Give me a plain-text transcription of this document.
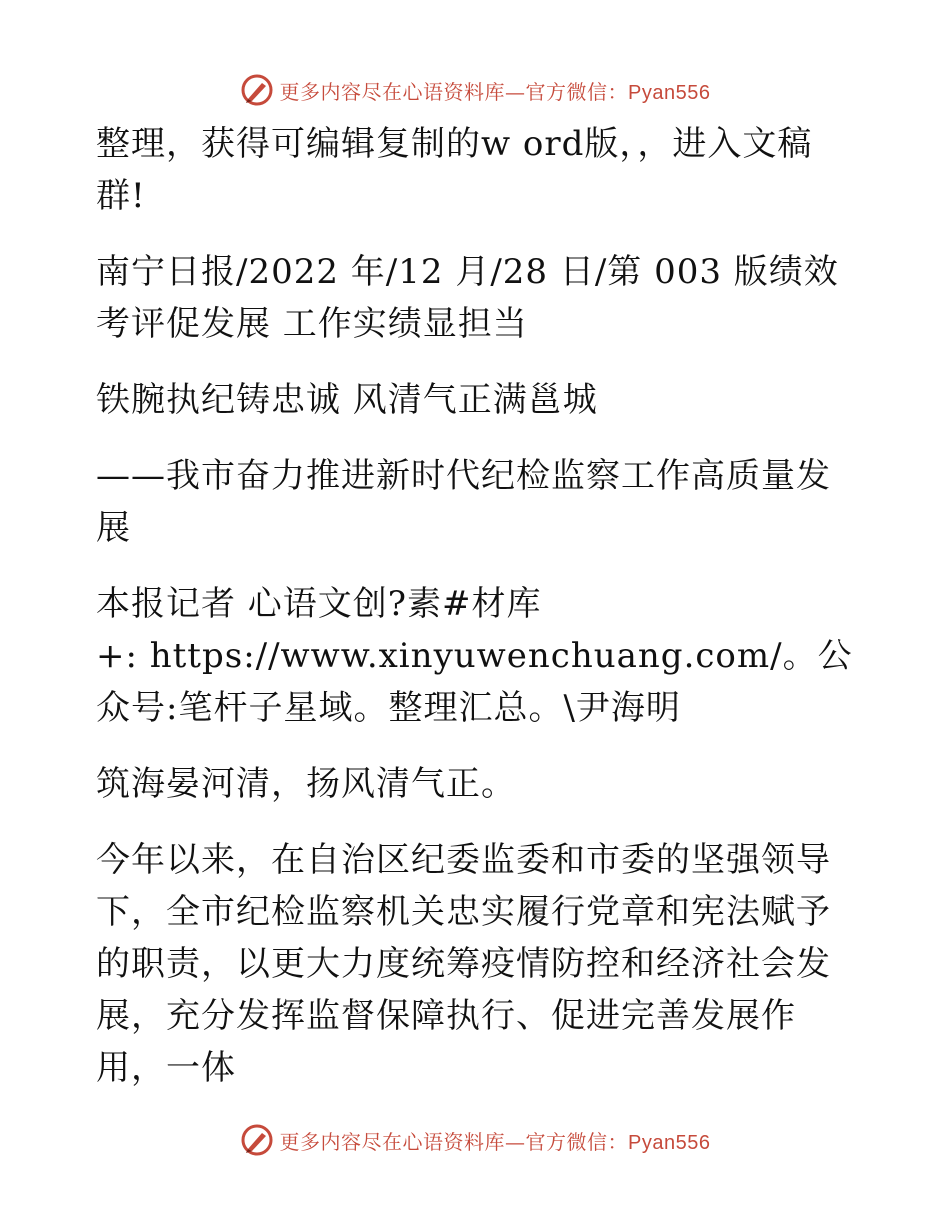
更多内容尽在心语资料库—官方微信：Pyan556

整理，获得可编辑复制的w ord版，，进入文稿群!

南宁日报/2022 年/12 月/28 日/第 003 版绩效考评促发展 工作实绩显担当

铁腕执纪铸忠诚 风清气正满邕城

——我市奋力推进新时代纪检监察工作高质量发展

本报记者 心语文创?素#材库

+: https://www.xinyuwenchuang.com/。公众号:笔杆子星域。整理汇总。\尹海明

筑海晏河清，扬风清气正。

今年以来，在自治区纪委监委和市委的坚强领导下，全市纪检监察机关忠实履行党章和宪法赋予的职责，以更大力度统筹疫情防控和经济社会发展，充分发挥监督保障执行、促进完善发展作用，一体

更多内容尽在心语资料库—官方微信：Pyan556
